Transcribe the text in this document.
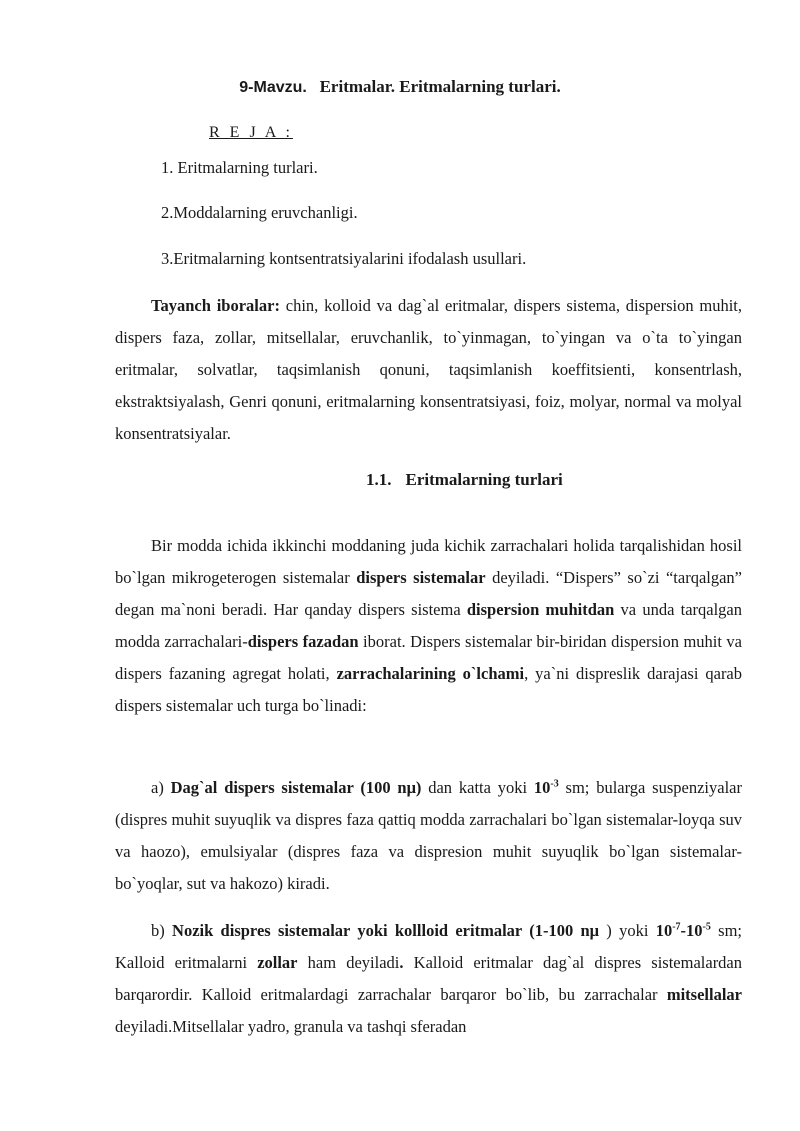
9-Mavzu. Eritmalar. Eritmalarning turlari.
R E J A :
1. Eritmalarning turlari.
2.Moddalarning eruvchanligi.
3.Eritmalarning kontsentratsiyalarini ifodalash usullari.

Tayanch iboralar: chin, kolloid va dag`al eritmalar, dispers sistema, dispersion muhit, dispers faza, zollar, mitsellalar, eruvchanlik, to`yinmagan, to`yingan va o`ta to`yingan eritmalar, solvatlar, taqsimlanish qonuni, taqsimlanish koeffitsienti, konsentrlash, ekstraktsiyalash, Genri qonuni, eritmalarning konsentratsiyasi, foiz, molyar, normal va molyal konsentratsiyalar.

1.1. Eritmalarning turlari

Bir modda ichida ikkinchi moddaning juda kichik zarrachalari holida tarqalishidan hosil bo`lgan mikrogeterogen sistemalar dispers sistemalar deyiladi. “Dispers” so`zi “tarqalgan” degan ma`noni beradi. Har qanday dispers sistema dispersion muhitdan va unda tarqalgan modda zarrachalari-dispers fazadan iborat. Dispers sistemalar bir-biridan dispersion muhit va dispers fazaning agregat holati, zarrachalarining o`lchami, ya`ni dispreslik darajasi qarab dispers sistemalar uch turga bo`linadi:

a) Dag`al dispers sistemalar (100 nμ) dan katta yoki $10^{-3}$ sm; bularga suspenziyalar (dispres muhit suyuqlik va dispres faza qattiq modda zarrachalari bo`lgan sistemalar-loyqa suv va haozo), emulsiyalar (dispres faza va dispresion muhit suyuqlik bo`lgan sistemalar-bo`yoqlar, sut va hakozo) kiradi.

b) Nozik dispres sistemalar yoki kollloid eritmalar (1-100 nμ ) yoki $10^{-7}-10^{-5}$ sm; Kalloid eritmalarni zollar ham deyiladi. Kalloid eritmalar dag`al dispres sistemalardan barqarordir. Kalloid eritmalardagi zarrachalar barqaror bo`lib, bu zarrachalar mitsellalar deyiladi.Mitsellalar yadro, granula va tashqi sferadan
